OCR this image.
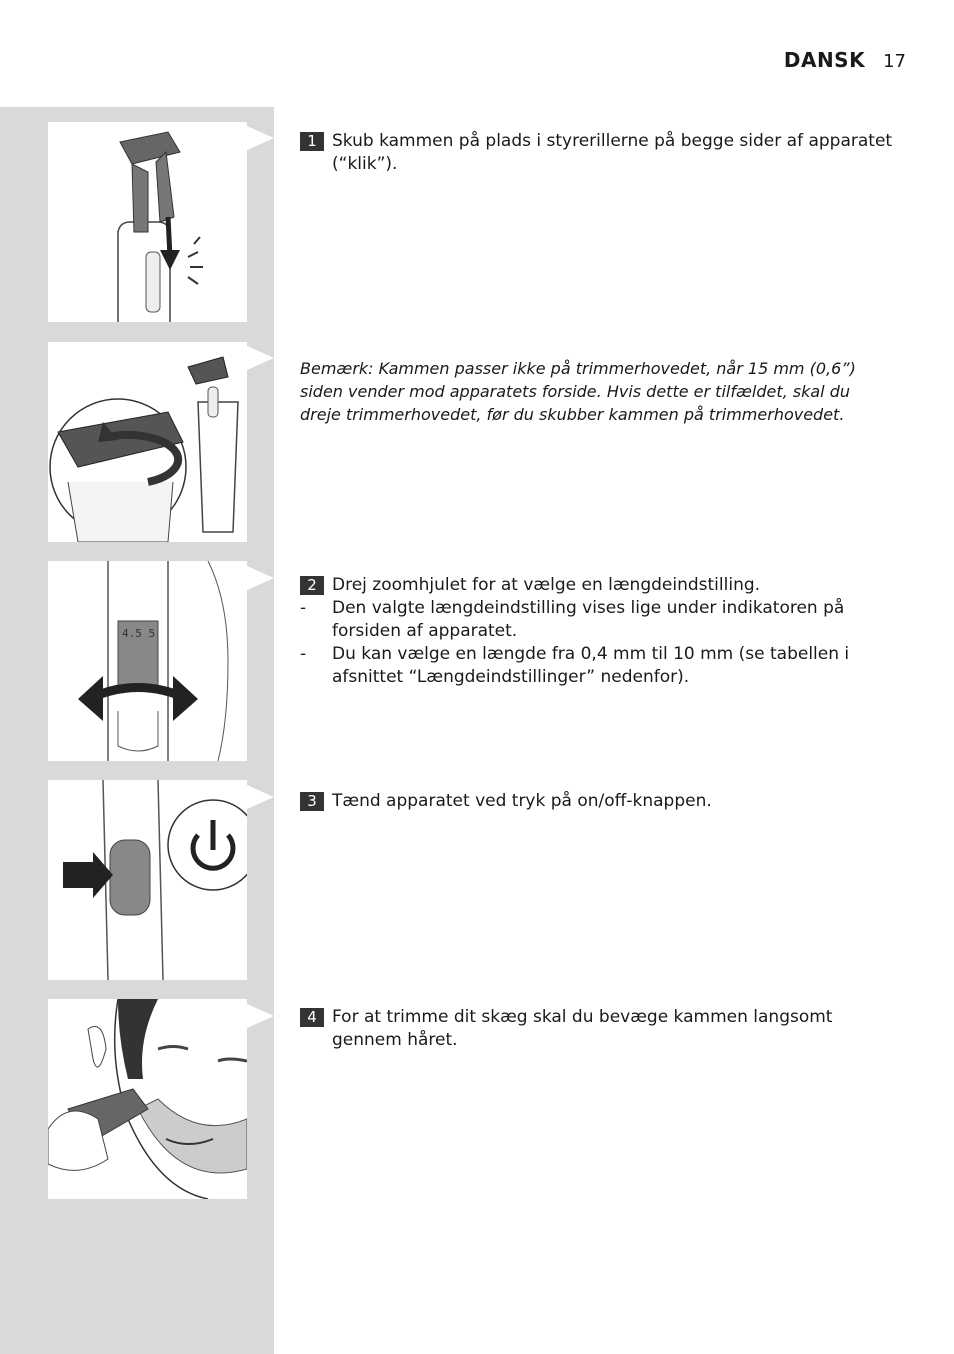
DANSK 17
4.5 5
1 Skub kammen på plads i styrerillerne på begge sider af apparatet (“klik”).
Bemærk: Kammen passer ikke på trimmerhovedet, når 15 mm (0,6”) siden vender mod apparatets forside. Hvis dette er tilfældet, skal du dreje trimmerhovedet, før du skubber kammen på trimmerhovedet.
2 Drej zoomhjulet for at vælge en længdeindstilling.
-	Den valgte længdeindstilling vises lige under indikatoren på forsiden af apparatet.
-	Du kan vælge en længde fra 0,4 mm til 10 mm (se tabellen i afsnittet “Længdeindstillinger” nedenfor).
3 Tænd apparatet ved tryk på on/off-knappen.
4 For at trimme dit skæg skal du bevæge kammen langsomt gennem håret.
